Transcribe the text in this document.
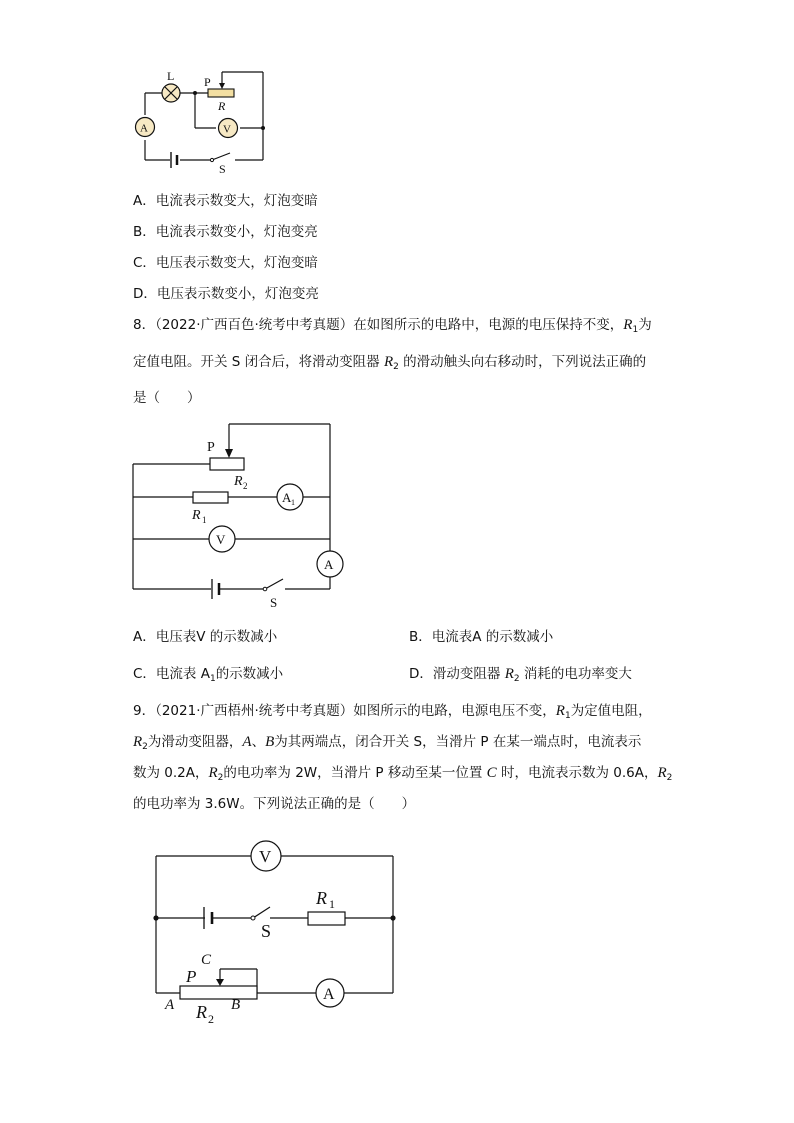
L P
R
A	V
S
A．电流表示数变大，灯泡变暗
B．电流表示数变小，灯泡变亮
C．电压表示数变大，灯泡变暗
D．电压表示数变小，灯泡变亮
8．（2022·广西百色·统考中考真题）在如图所示的电路中，电源的电压保持不变，$R_1$为
定值电阻。开关 S 闭合后，将滑动变阻器 $R_2$ 的滑动触头向右移动时，下列说法正确的
是（　　）
P
R 2
R 1
A 1
V
A
S
A．电压表V 的示数减小	B．电流表A 的示数减小
C．电流表 $A_1$的示数减小	D．滑动变阻器 $R_2$ 消耗的电功率变大
9．（2021·广西梧州·统考中考真题）如图所示的电路，电源电压不变，$R_1$为定值电阻，
$R_2$为滑动变阻器，A、B为其两端点，闭合开关 S，当滑片 P 在某一端点时，电流表示
数为 0.2A，$R_2$的电功率为 2W，当滑片 P 移动至某一位置 C 时，电流表示数为 0.6A，$R_2$
的电功率为 3.6W。下列说法正确的是（　　）
V
R 1
S
C
P
A R 2
B
A
